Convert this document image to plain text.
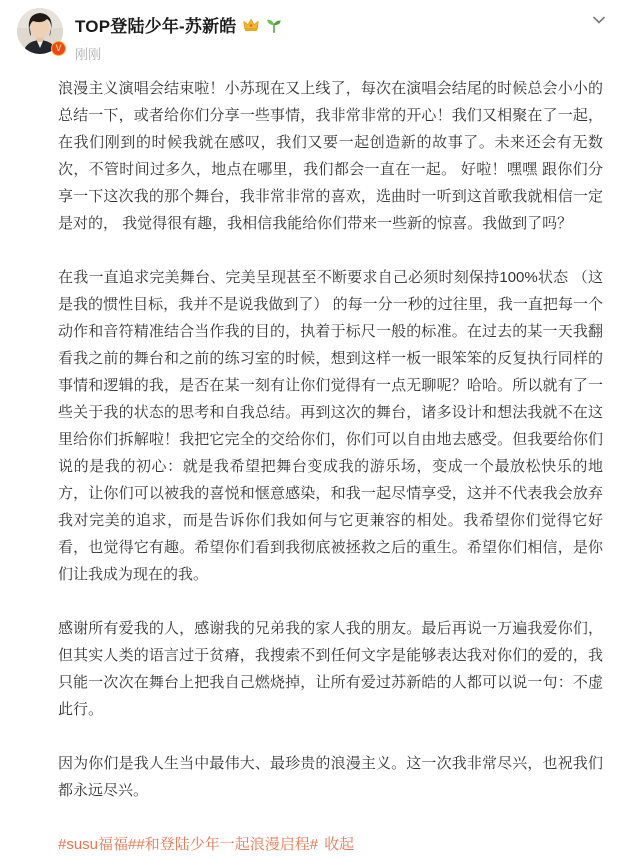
V
TOP登陆少年-苏新皓
刚刚

浪漫主义演唱会结束啦！小苏现在又上线了，每次在演唱会结尾的时候总会小小的总结一下，或者给你们分享一些事情，我非常非常的开心！我们又相聚在了一起，在我们刚到的时候我就在感叹，我们又要一起创造新的故事了。未来还会有无数次，不管时间过多久，地点在哪里，我们都会一直在一起。 好啦！嘿嘿 跟你们分享一下这次我的那个舞台，我非常非常的喜欢，选曲时一听到这首歌我就相信一定是对的， 我觉得很有趣，我相信我能给你们带来一些新的惊喜。我做到了吗？

在我一直追求完美舞台、完美呈现甚至不断要求自己必须时刻保持100%状态 （这是我的惯性目标，我并不是说我做到了） 的每一分一秒的过往里，我一直把每一个动作和音符精准结合当作我的目的，执着于标尺一般的标准。在过去的某一天我翻看我之前的舞台和之前的练习室的时候，想到这样一板一眼笨笨的反复执行同样的事情和逻辑的我，是否在某一刻有让你们觉得有一点无聊呢？哈哈。所以就有了一些关于我的状态的思考和自我总结。再到这次的舞台，诸多设计和想法我就不在这里给你们拆解啦！我把它完全的交给你们，你们可以自由地去感受。但我要给你们说的是我的初心：就是我希望把舞台变成我的游乐场，变成一个最放松快乐的地方，让你们可以被我的喜悦和惬意感染，和我一起尽情享受，这并不代表我会放弃我对完美的追求，而是告诉你们我如何与它更兼容的相处。我希望你们觉得它好看，也觉得它有趣。希望你们看到我彻底被拯救之后的重生。希望你们相信，是你们让我成为现在的我。

感谢所有爱我的人，感谢我的兄弟我的家人我的朋友。最后再说一万遍我爱你们，但其实人类的语言过于贫瘠，我搜索不到任何文字是能够表达我对你们的爱的，我只能一次次在舞台上把我自己燃烧掉，让所有爱过苏新皓的人都可以说一句：不虚此行。

因为你们是我人生当中最伟大、最珍贵的浪漫主义。这一次我非常尽兴，也祝我们都永远尽兴。

#susu福福##和登陆少年一起浪漫启程# 收起
